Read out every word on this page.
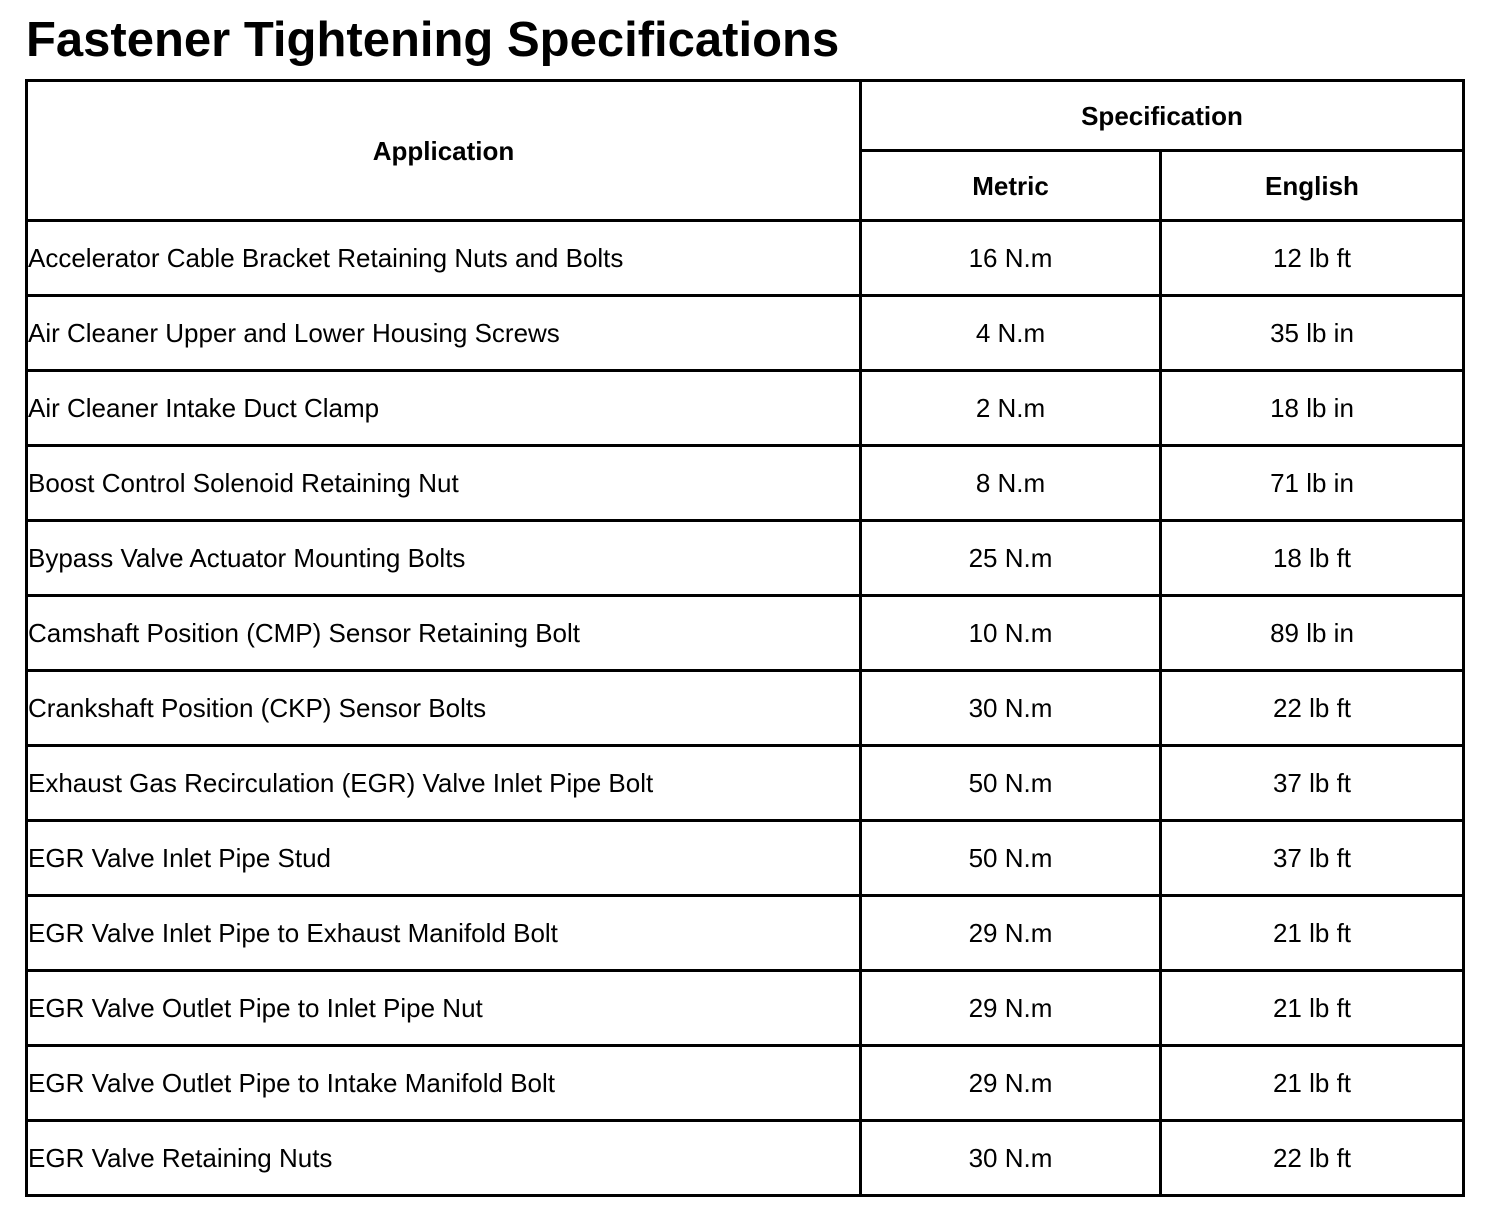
Fastener Tightening Specifications
Application	Specification	
	Metric	English
Accelerator Cable Bracket Retaining Nuts and Bolts	16 N.m	12 lb ft
Air Cleaner Upper and Lower Housing Screws	4 N.m	35 lb in
Air Cleaner Intake Duct Clamp	2 N.m	18 lb in
Boost Control Solenoid Retaining Nut	8 N.m	71 lb in
Bypass Valve Actuator Mounting Bolts	25 N.m	18 lb ft
Camshaft Position (CMP) Sensor Retaining Bolt	10 N.m	89 lb in
Crankshaft Position (CKP) Sensor Bolts	30 N.m	22 lb ft
Exhaust Gas Recirculation (EGR) Valve Inlet Pipe Bolt	50 N.m	37 lb ft
EGR Valve Inlet Pipe Stud	50 N.m	37 lb ft
EGR Valve Inlet Pipe to Exhaust Manifold Bolt	29 N.m	21 lb ft
EGR Valve Outlet Pipe to Inlet Pipe Nut	29 N.m	21 lb ft
EGR Valve Outlet Pipe to Intake Manifold Bolt	29 N.m	21 lb ft
EGR Valve Retaining Nuts	30 N.m	22 lb ft
